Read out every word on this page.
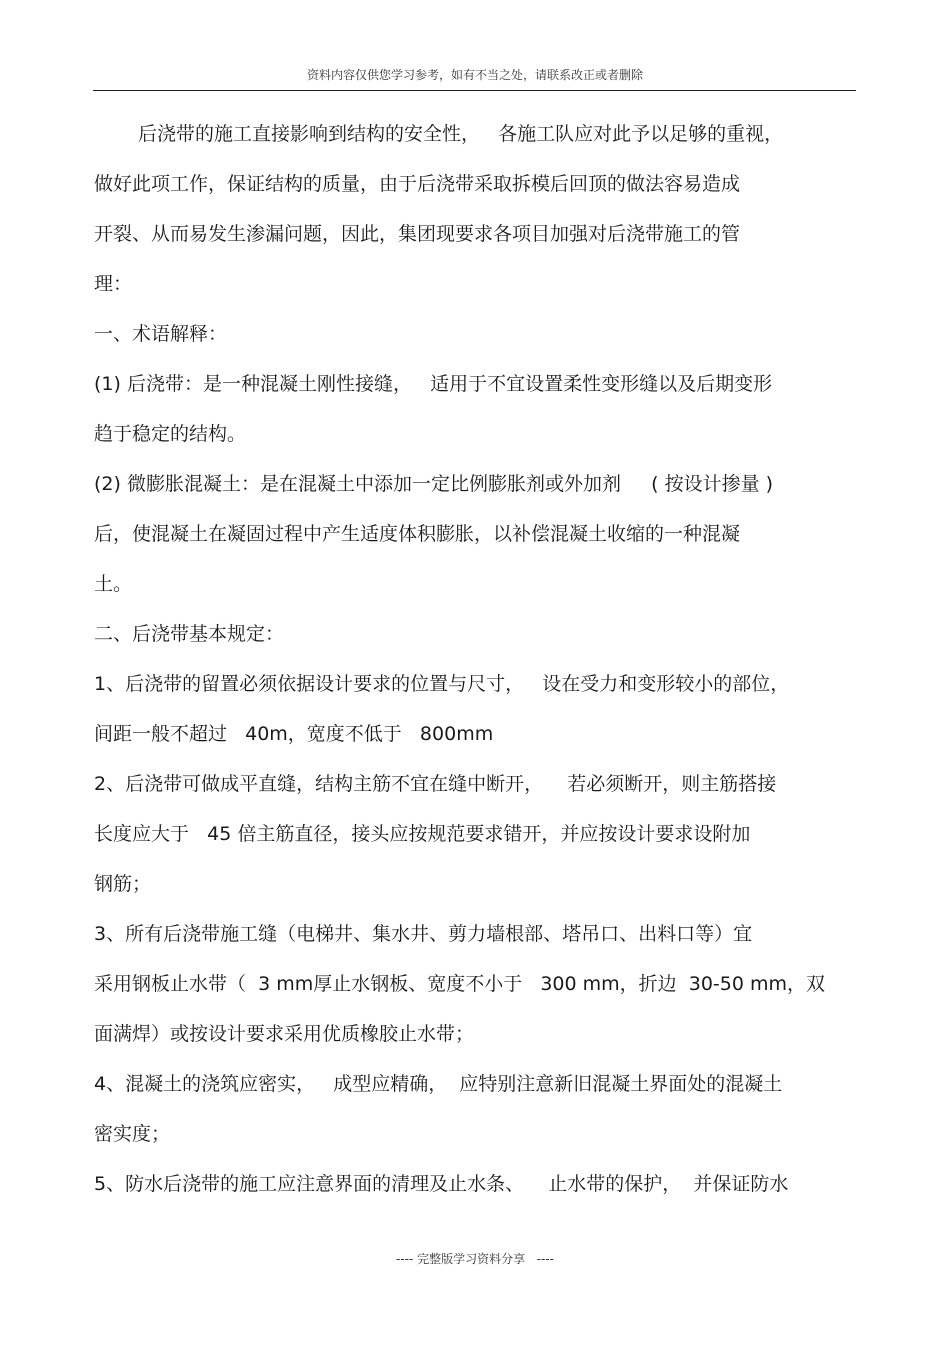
资料内容仅供您学习参考，如有不当之处，请联系改正或者删除
后浇带的施工直接影响到结构的安全性，   各施工队应对此予以足够的重视，
做好此项工作，保证结构的质量，由于后浇带采取拆模后回顶的做法容易造成
开裂、从而易发生渗漏问题，因此，集团现要求各项目加强对后浇带施工的管
理：
一、术语解释：
(1) 后浇带：是一种混凝土刚性接缝，   适用于不宜设置柔性变形缝以及后期变形
趋于稳定的结构。
(2) 微膨胀混凝土：是在混凝土中添加一定比例膨胀剂或外加剂     ( 按设计掺量 )
后，使混凝土在凝固过程中产生适度体积膨胀，以补偿混凝土收缩的一种混凝
土。
二、后浇带基本规定：
1、后浇带的留置必须依据设计要求的位置与尺寸，   设在受力和变形较小的部位，
间距一般不超过   40m，宽度不低于   800mm
2、后浇带可做成平直缝，结构主筋不宜在缝中断开，    若必须断开，则主筋搭接
长度应大于   45 倍主筋直径，接头应按规范要求错开，并应按设计要求设附加
钢筋；
3、所有后浇带施工缝（电梯井、集水井、剪力墙根部、塔吊口、出料口等）宜
采用钢板止水带（  3 mm厚止水钢板、宽度不小于   300 mm，折边  30-50 mm，双
面满焊）或按设计要求采用优质橡胶止水带；
4、混凝土的浇筑应密实，   成型应精确，  应特别注意新旧混凝土界面处的混凝土
密实度；
5、防水后浇带的施工应注意界面的清理及止水条、    止水带的保护，  并保证防水
---- 完整版学习资料分享   ----
